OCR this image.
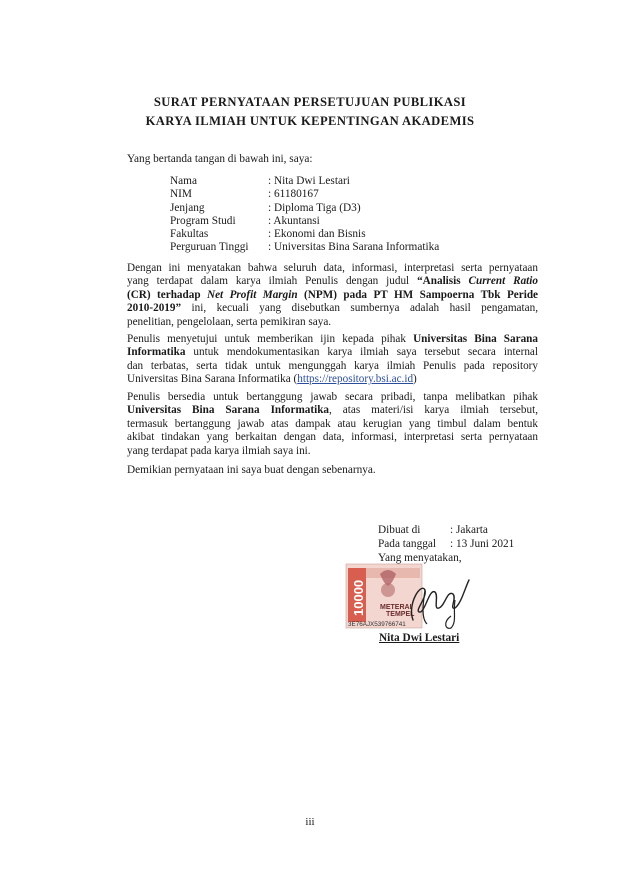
SURAT PERNYATAAN PERSETUJUAN PUBLIKASI
KARYA ILMIAH UNTUK KEPENTINGAN AKADEMIS
Yang bertanda tangan di bawah ini, saya:
Nama	: Nita Dwi Lestari
NIM	: 61180167
Jenjang	: Diploma Tiga (D3)
Program Studi	: Akuntansi
Fakultas	: Ekonomi dan Bisnis
Perguruan Tinggi	: Universitas Bina Sarana Informatika
Dengan ini menyatakan bahwa seluruh data, informasi, interpretasi serta pernyataan
yang terdapat dalam karya ilmiah Penulis dengan judul “Analisis Current Ratio
(CR) terhadap Net Profit Margin (NPM) pada PT HM Sampoerna Tbk Peride
2010-2019” ini, kecuali yang disebutkan sumbernya adalah hasil pengamatan,
penelitian, pengelolaan, serta pemikiran saya.
Penulis menyetujui untuk memberikan ijin kepada pihak Universitas Bina Sarana
Informatika untuk mendokumentasikan karya ilmiah saya tersebut secara internal
dan terbatas, serta tidak untuk mengunggah karya ilmiah Penulis pada repository
Universitas Bina Sarana Informatika (https://repository.bsi.ac.id)
Penulis bersedia untuk bertanggung jawab secara pribadi, tanpa melibatkan pihak
Universitas Bina Sarana Informatika, atas materi/isi karya ilmiah tersebut,
termasuk bertanggung jawab atas dampak atau kerugian yang timbul dalam bentuk
akibat tindakan yang berkaitan dengan data, informasi, interpretasi serta pernyataan
yang terdapat pada karya ilmiah saya ini.
Demikian pernyataan ini saya buat dengan sebenarnya.
Dibuat di	: Jakarta
Pada tanggal	: 13 Juni 2021
Yang menyatakan,
10000 METERAI
TEMPEL
3E76AJX539766741
Nita Dwi Lestari
iii
